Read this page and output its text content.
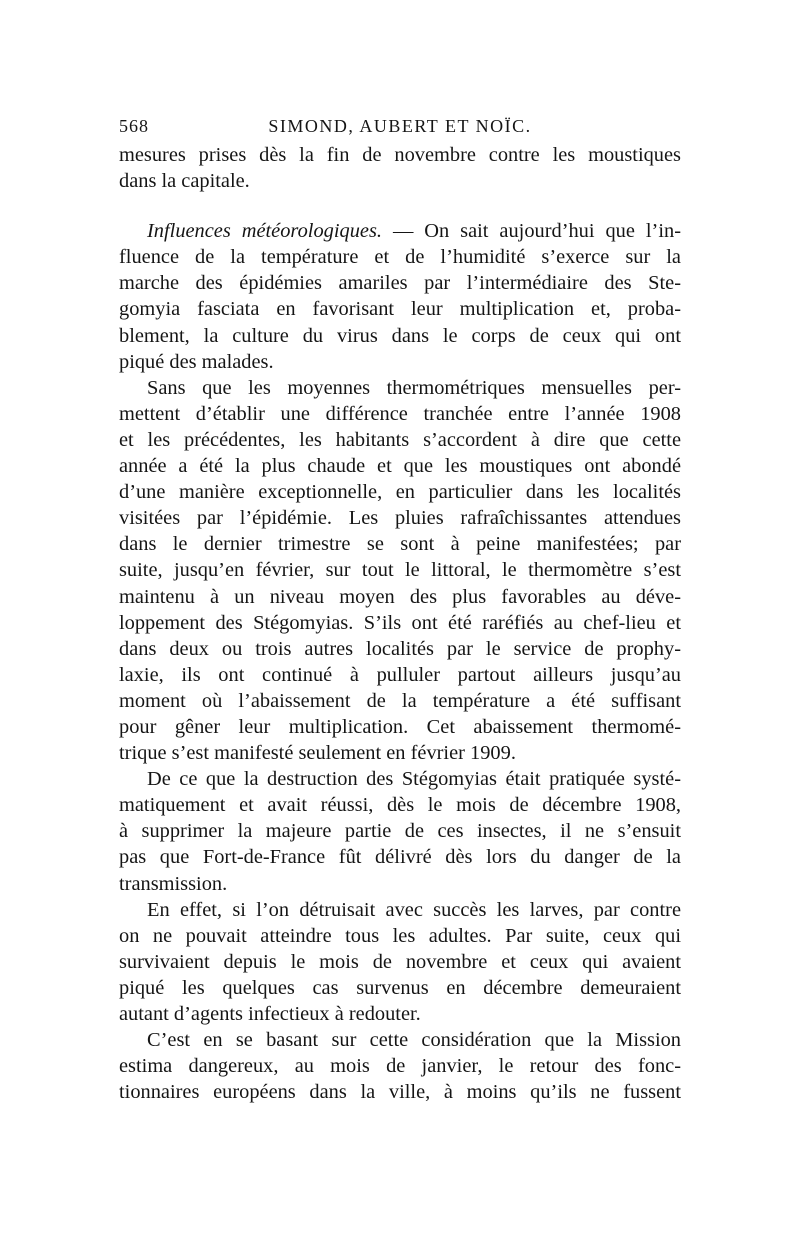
568	SIMOND, AUBERT ET NOÏC.

mesures prises dès la fin de novembre contre les moustiques

dans la capitale.

Influences météorologiques. — On sait aujourd’hui que l’in-

fluence de la température et de l’humidité s’exerce sur la

marche des épidémies amariles par l’intermédiaire des Ste-

gomyia fasciata en favorisant leur multiplication et, proba-

blement, la culture du virus dans le corps de ceux qui ont

piqué des malades.

Sans que les moyennes thermométriques mensuelles per-

mettent d’établir une différence tranchée entre l’année 1908

et les précédentes, les habitants s’accordent à dire que cette

année a été la plus chaude et que les moustiques ont abondé

d’une manière exceptionnelle, en particulier dans les localités

visitées par l’épidémie. Les pluies rafraîchissantes attendues

dans le dernier trimestre se sont à peine manifestées; par

suite, jusqu’en février, sur tout le littoral, le thermomètre s’est

maintenu à un niveau moyen des plus favorables au déve-

loppement des Stégomyias. S’ils ont été raréfiés au chef-lieu et

dans deux ou trois autres localités par le service de prophy-

laxie, ils ont continué à pulluler partout ailleurs jusqu’au

moment où l’abaissement de la température a été suffisant

pour gêner leur multiplication. Cet abaissement thermomé-

trique s’est manifesté seulement en février 1909.

De ce que la destruction des Stégomyias était pratiquée systé-

matiquement et avait réussi, dès le mois de décembre 1908,

à supprimer la majeure partie de ces insectes, il ne s’ensuit

pas que Fort-de-France fût délivré dès lors du danger de la

transmission.

En effet, si l’on détruisait avec succès les larves, par contre

on ne pouvait atteindre tous les adultes. Par suite, ceux qui

survivaient depuis le mois de novembre et ceux qui avaient

piqué les quelques cas survenus en décembre demeuraient

autant d’agents infectieux à redouter.

C’est en se basant sur cette considération que la Mission

estima dangereux, au mois de janvier, le retour des fonc-

tionnaires européens dans la ville, à moins qu’ils ne fussent
